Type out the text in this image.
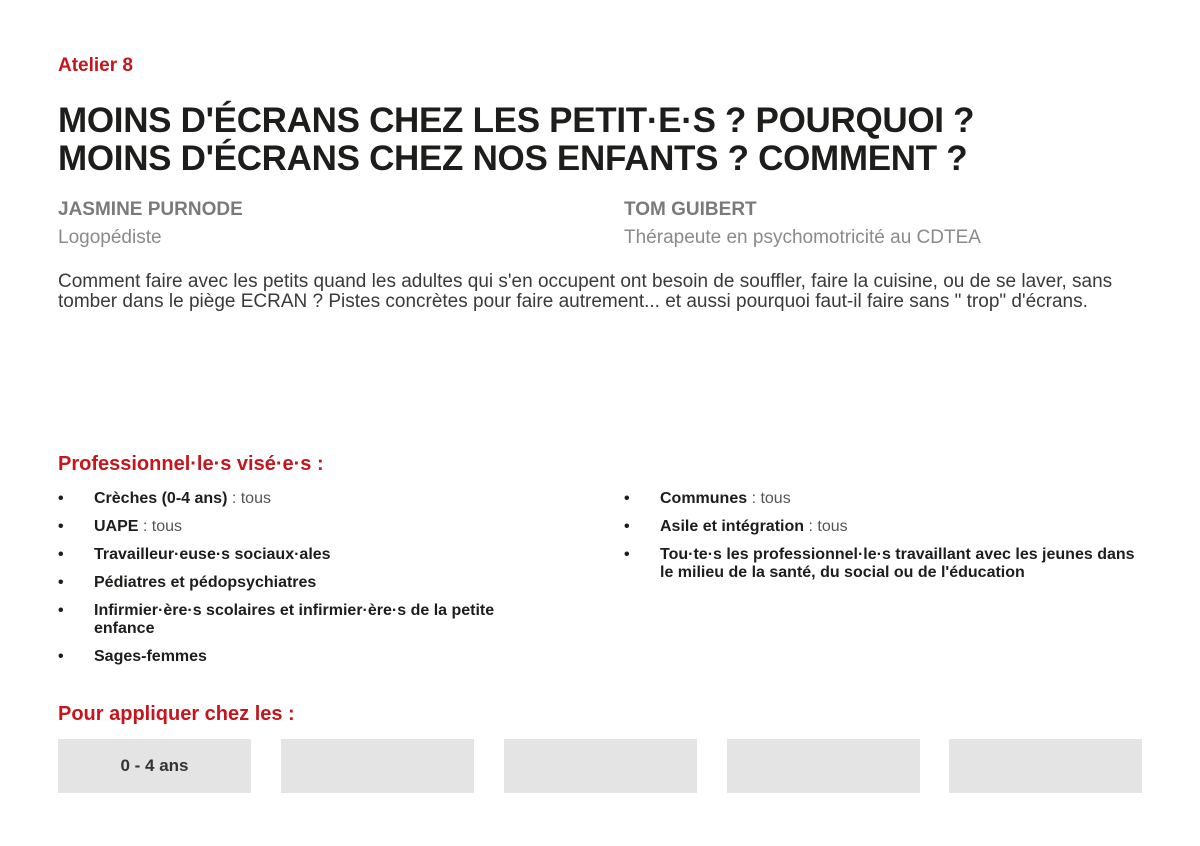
Atelier 8
MOINS D'ÉCRANS CHEZ LES PETIT·E·S ? POURQUOI ?
MOINS D'ÉCRANS CHEZ NOS ENFANTS ? COMMENT ?
JASMINE PURNODE
Logopédiste
TOM GUIBERT
Thérapeute en psychomotricité au CDTEA

Comment faire avec les petits quand les adultes qui s'en occupent ont besoin de souffler, faire la cuisine, ou de se laver, sans tomber dans le piège ECRAN ? Pistes concrètes pour faire autrement... et aussi pourquoi faut-il faire sans " trop" d'écrans.

Professionnel·le·s visé·e·s :
• Crèches (0-4 ans) : tous
• UAPE : tous
• Travailleur·euse·s sociaux·ales
• Pédiatres et pédopsychiatres
• Infirmier·ère·s scolaires et infirmier·ère·s de la petite enfance
• Sages-femmes
• Communes : tous
• Asile et intégration : tous
• Tou·te·s les professionnel·le·s travaillant avec les jeunes dans le milieu de la santé, du social ou de l'éducation
Pour appliquer chez les :
0 - 4 ans
